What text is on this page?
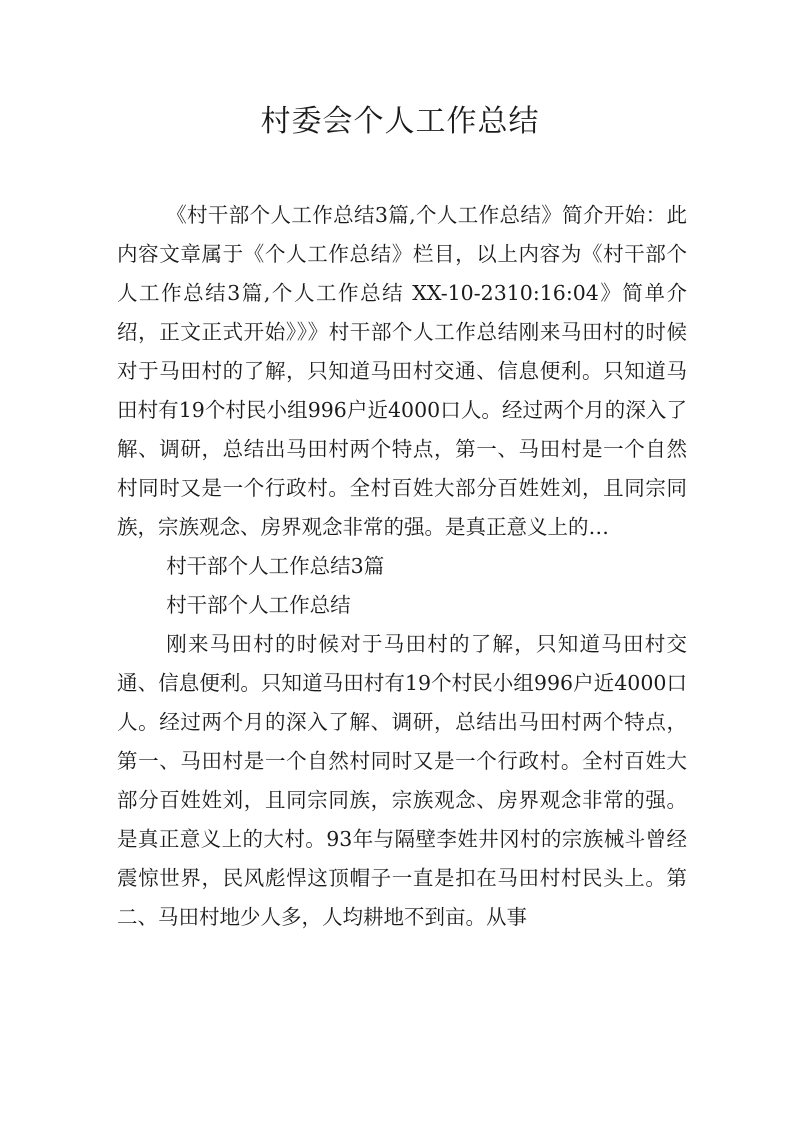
村委会个人工作总结

《村干部个人工作总结3篇,个人工作总结》简介开始：此内容文章属于《个人工作总结》栏目，以上内容为《村干部个人工作总结3篇,个人工作总结 XX-10-2310:16:04》简单介绍，正文正式开始》》》村干部个人工作总结刚来马田村的时候对于马田村的了解，只知道马田村交通、信息便利。只知道马田村有19个村民小组996户近4000口人。经过两个月的深入了解、调研，总结出马田村两个特点，第一、马田村是一个自然村同时又是一个行政村。全村百姓大部分百姓姓刘，且同宗同族，宗族观念、房界观念非常的强。是真正意义上的…

村干部个人工作总结3篇

村干部个人工作总结

刚来马田村的时候对于马田村的了解，只知道马田村交通、信息便利。只知道马田村有19个村民小组996户近4000口人。经过两个月的深入了解、调研，总结出马田村两个特点，第一、马田村是一个自然村同时又是一个行政村。全村百姓大部分百姓姓刘，且同宗同族，宗族观念、房界观念非常的强。是真正意义上的大村。93年与隔壁李姓井冈村的宗族械斗曾经震惊世界，民风彪悍这顶帽子一直是扣在马田村村民头上。第二、马田村地少人多，人均耕地不到亩。从事
